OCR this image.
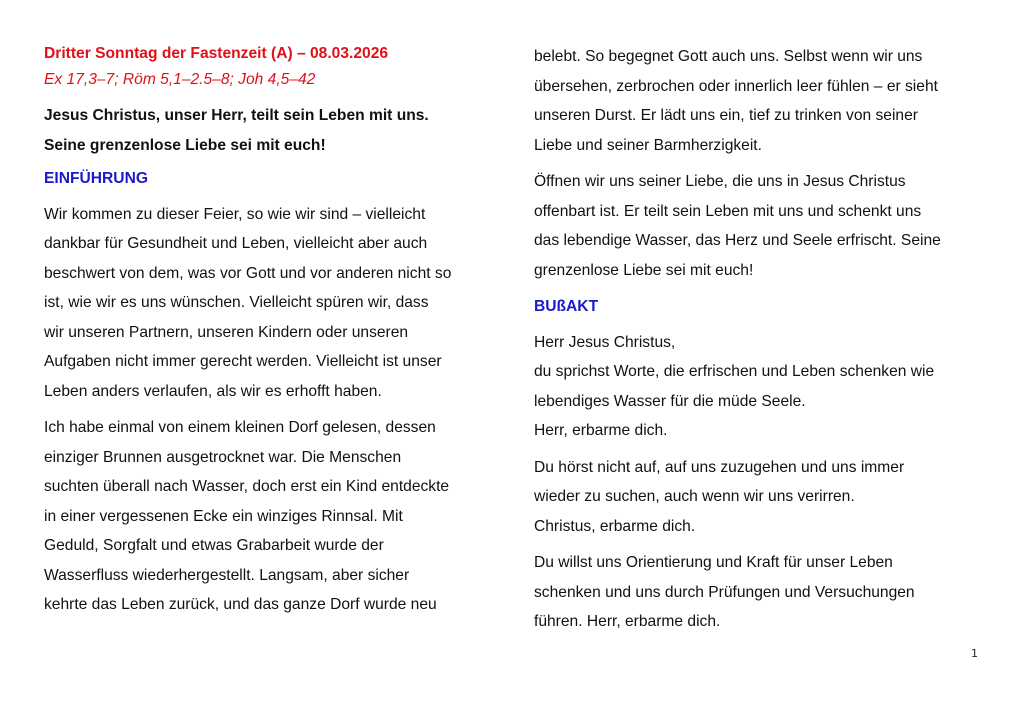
Dritter Sonntag der Fastenzeit (A) – 08.03.2026

Ex 17,3–7; Röm 5,1–2.5–8; Joh 4,5–42

Jesus Christus, unser Herr, teilt sein Leben mit uns.
Seine grenzenlose Liebe sei mit euch!
EINFÜHRUNG

Wir kommen zu dieser Feier, so wie wir sind – vielleicht
dankbar für Gesundheit und Leben, vielleicht aber auch
beschwert von dem, was vor Gott und vor anderen nicht so
ist, wie wir es uns wünschen. Vielleicht spüren wir, dass
wir unseren Partnern, unseren Kindern oder unseren
Aufgaben nicht immer gerecht werden. Vielleicht ist unser
Leben anders verlaufen, als wir es erhofft haben.

Ich habe einmal von einem kleinen Dorf gelesen, dessen
einziger Brunnen ausgetrocknet war. Die Menschen
suchten überall nach Wasser, doch erst ein Kind entdeckte
in einer vergessenen Ecke ein winziges Rinnsal. Mit
Geduld, Sorgfalt und etwas Grabarbeit wurde der
Wasserfluss wiederhergestellt. Langsam, aber sicher
kehrte das Leben zurück, und das ganze Dorf wurde neu

belebt. So begegnet Gott auch uns. Selbst wenn wir uns
übersehen, zerbrochen oder innerlich leer fühlen – er sieht
unseren Durst. Er lädt uns ein, tief zu trinken von seiner
Liebe und seiner Barmherzigkeit.

Öffnen wir uns seiner Liebe, die uns in Jesus Christus
offenbart ist. Er teilt sein Leben mit uns und schenkt uns
das lebendige Wasser, das Herz und Seele erfrischt. Seine
grenzenlose Liebe sei mit euch!

BUßAKT

Herr Jesus Christus,
du sprichst Worte, die erfrischen und Leben schenken wie
lebendiges Wasser für die müde Seele.
Herr, erbarme dich.

Du hörst nicht auf, auf uns zuzugehen und uns immer
wieder zu suchen, auch wenn wir uns verirren.
Christus, erbarme dich.

Du willst uns Orientierung und Kraft für unser Leben
schenken und uns durch Prüfungen und Versuchungen
führen. Herr, erbarme dich.

1
